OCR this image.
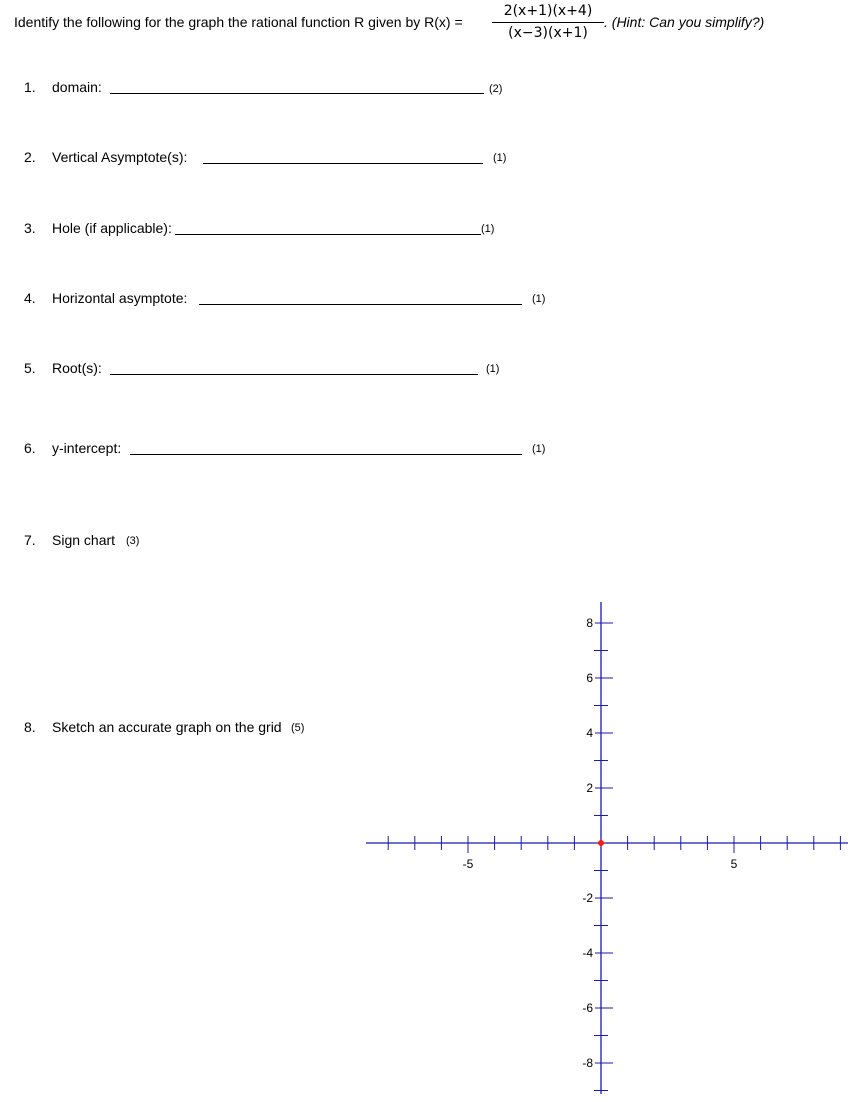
Identify the following for the graph the rational function R given by $R(x) = \frac{2(x+1)(x+4)}{(x-3)(x+1)}$ . (Hint: Can you simplify?)
1. domain:	(2)
2. Vertical Asymptote(s):	(1)
3. Hole (if applicable):	(1)
4. Horizontal asymptote:	(1)
5. Root(s):	(1)
6. y-intercept:	(1)
7. Sign chart (3)
8. Sketch an accurate graph on the grid (5)
-5	5
8
6
4
2
-2
-4
-6
-8
